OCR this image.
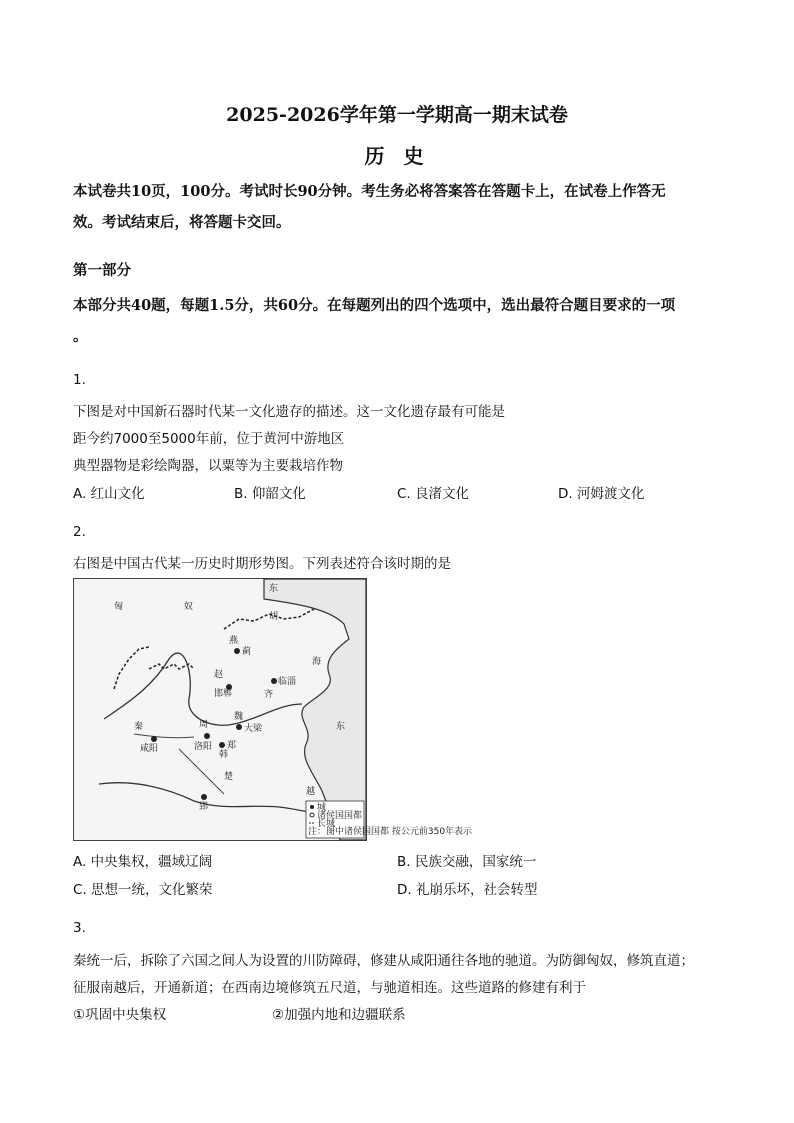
2025-2026学年第一学期高一期末试卷
历 史
本试卷共10页，100分。考试时长90分钟。考生务必将答案答在答题卡上，在试卷上作答无
效。考试结束后，将答题卡交回。
第一部分
本部分共40题，每题1.5分，共60分。在每题列出的四个选项中，选出最符合题目要求的一项
。
1.
下图是对中国新石器时代某一文化遗存的描述。这一文化遗存最有可能是
距今约7000至5000年前，位于黄河中游地区
典型器物是彩绘陶器，以粟等为主要栽培作物
A. 红山文化	B. 仰韶文化	C. 良渚文化	D. 河姆渡文化
2.
右图是中国古代某一历史时期形势图。下列表述符合该时期的是
匈	奴
东
胡
燕
蓟
赵
邯郸
临淄
齐
周
秦
咸阳	洛阳
魏
大梁
韩
郑
楚
郢
越
海
东
城
诸侯国国都
长城
注：图中诸侯国国都 按公元前350年表示
A. 中央集权，疆域辽阔	B. 民族交融，国家统一
C. 思想一统，文化繁荣	D. 礼崩乐坏，社会转型
3.
秦统一后，拆除了六国之间人为设置的川防障碍，修建从咸阳通往各地的驰道。为防御匈奴，修筑直道；
征服南越后，开通新道；在西南边境修筑五尺道，与驰道相连。这些道路的修建有利于
①巩固中央集权	②加强内地和边疆联系
